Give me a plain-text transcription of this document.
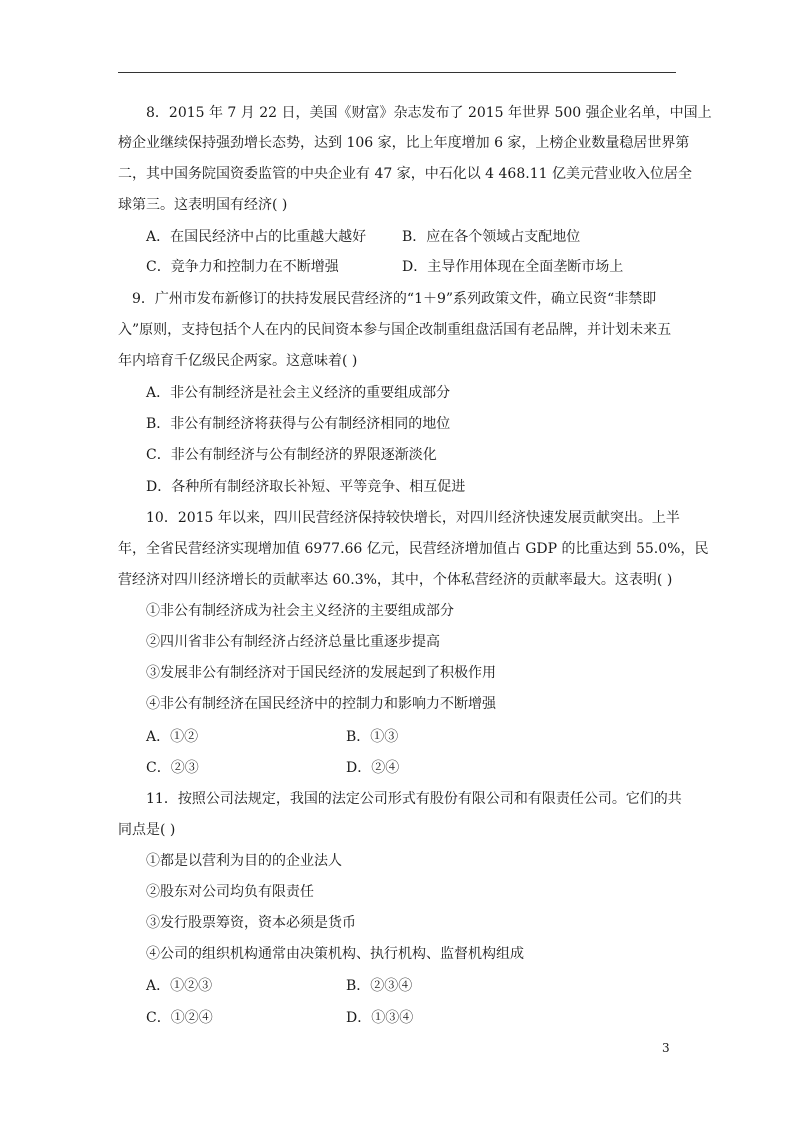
8．2015 年 7 月 22 日，美国《财富》杂志发布了 2015 年世界 500 强企业名单，中国上
榜企业继续保持强劲增长态势，达到 106 家，比上年度增加 6 家，上榜企业数量稳居世界第
二，其中国务院国资委监管的中央企业有 47 家，中石化以 4 468.11 亿美元营业收入位居全
球第三。这表明国有经济( )
A．在国民经济中占的比重越大越好	B．应在各个领域占支配地位
C．竞争力和控制力在不断增强	D．主导作用体现在全面垄断市场上
9．广州市发布新修订的扶持发展民营经济的“1＋9”系列政策文件，确立民资“非禁即
入”原则，支持包括个人在内的民间资本参与国企改制重组盘活国有老品牌，并计划未来五
年内培育千亿级民企两家。这意味着( )
A．非公有制经济是社会主义经济的重要组成部分
B．非公有制经济将获得与公有制经济相同的地位
C．非公有制经济与公有制经济的界限逐渐淡化
D．各种所有制经济取长补短、平等竞争、相互促进
10．2015 年以来，四川民营经济保持较快增长，对四川经济快速发展贡献突出。上半
年，全省民营经济实现增加值 6977.66 亿元，民营经济增加值占 GDP 的比重达到 55.0%，民
营经济对四川经济增长的贡献率达 60.3%，其中，个体私营经济的贡献率最大。这表明( )
①非公有制经济成为社会主义经济的主要组成部分
②四川省非公有制经济占经济总量比重逐步提高
③发展非公有制经济对于国民经济的发展起到了积极作用
④非公有制经济在国民经济中的控制力和影响力不断增强
A．①②	B．①③
C．②③	D．②④
11．按照公司法规定，我国的法定公司形式有股份有限公司和有限责任公司。它们的共
同点是( )
①都是以营利为目的的企业法人
②股东对公司均负有限责任
③发行股票筹资，资本必须是货币
④公司的组织机构通常由决策机构、执行机构、监督机构组成
A．①②③	B．②③④
C．①②④	D．①③④
3
